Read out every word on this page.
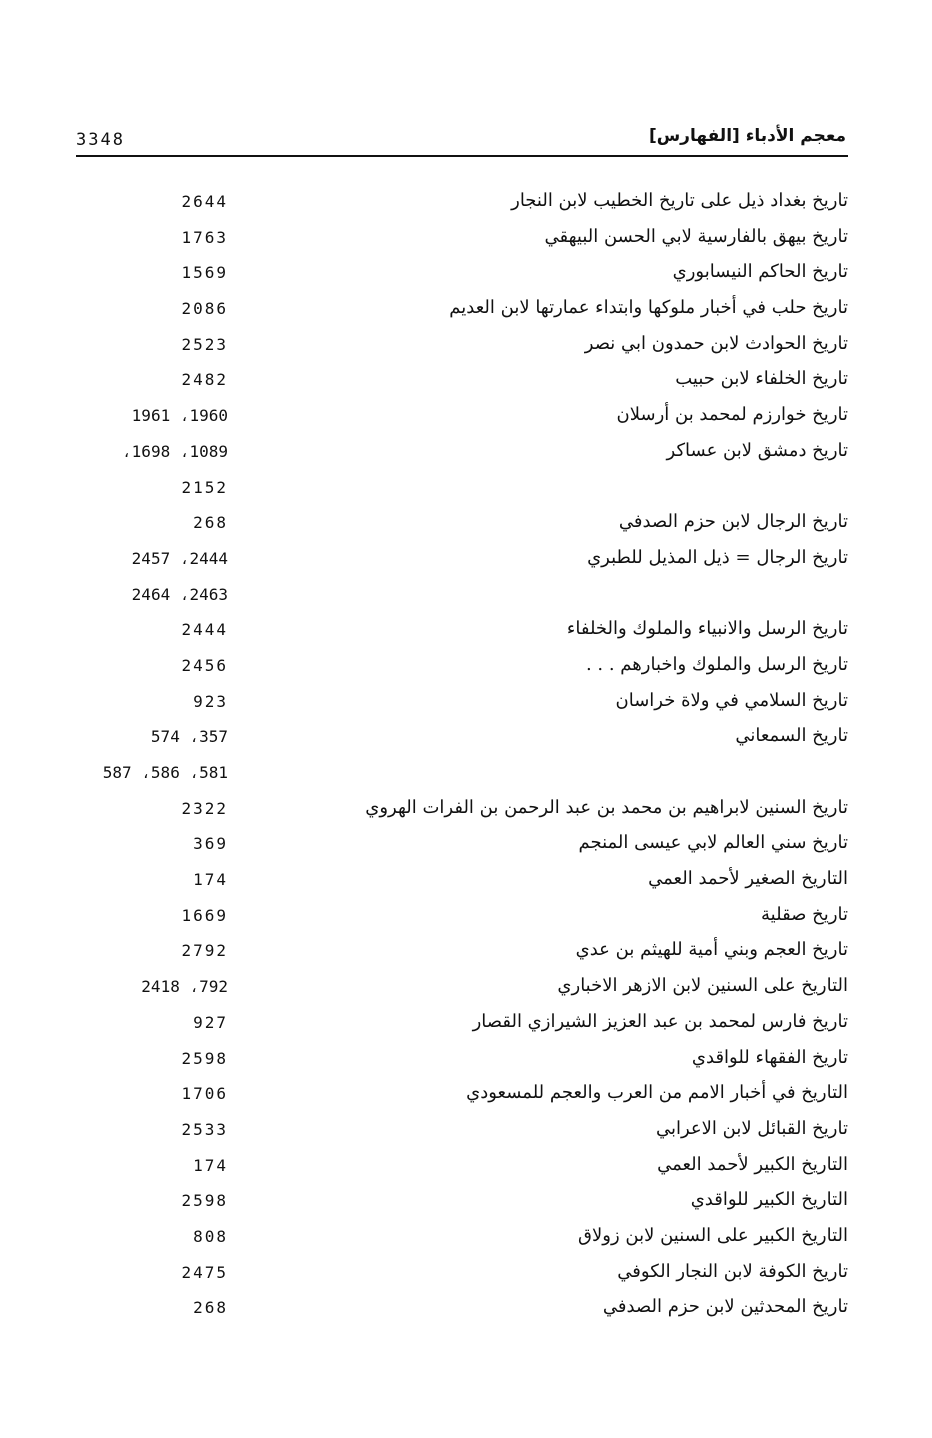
3348	معجم الأدباء [الفهارس]
تاريخ بغداد ذيل على تاريخ الخطيب لابن النجار
2644
تاريخ بيهق بالفارسية لابي الحسن البيهقي
1763
تاريخ الحاكم النيسابوري
1569
تاريخ حلب في أخبار ملوكها وابتداء عمارتها لابن العديم
2086
تاريخ الحوادث لابن حمدون ابي نصر
2523
تاريخ الخلفاء لابن حبيب
2482
تاريخ خوارزم لمحمد بن أرسلان
1960، 1961
تاريخ دمشق لابن عساكر
1089، 1698،
2152
تاريخ الرجال لابن حزم الصدفي
268
تاريخ الرجال = ذيل المذيل للطبري
2444، 2457
2463، 2464
تاريخ الرسل والانبياء والملوك والخلفاء
2444
تاريخ الرسل والملوك واخبارهم . . .
2456
تاريخ السلامي في ولاة خراسان
923
تاريخ السمعاني
357، 574
581، 586، 587
تاريخ السنين لابراهيم بن محمد بن عبد الرحمن بن الفرات الهروي
2322
تاريخ سني العالم لابي عيسى المنجم
369
التاريخ الصغير لأحمد العمي
174
تاريخ صقلية
1669
تاريخ العجم وبني أمية للهيثم بن عدي
2792
التاريخ على السنين لابن الازهر الاخباري
792، 2418
تاريخ فارس لمحمد بن عبد العزيز الشيرازي القصار
927
تاريخ الفقهاء للواقدي
2598
التاريخ في أخبار الامم من العرب والعجم للمسعودي
1706
تاريخ القبائل لابن الاعرابي
2533
التاريخ الكبير لأحمد العمي
174
التاريخ الكبير للواقدي
2598
التاريخ الكبير على السنين لابن زولاق
808
تاريخ الكوفة لابن النجار الكوفي
2475
تاريخ المحدثين لابن حزم الصدفي
268
